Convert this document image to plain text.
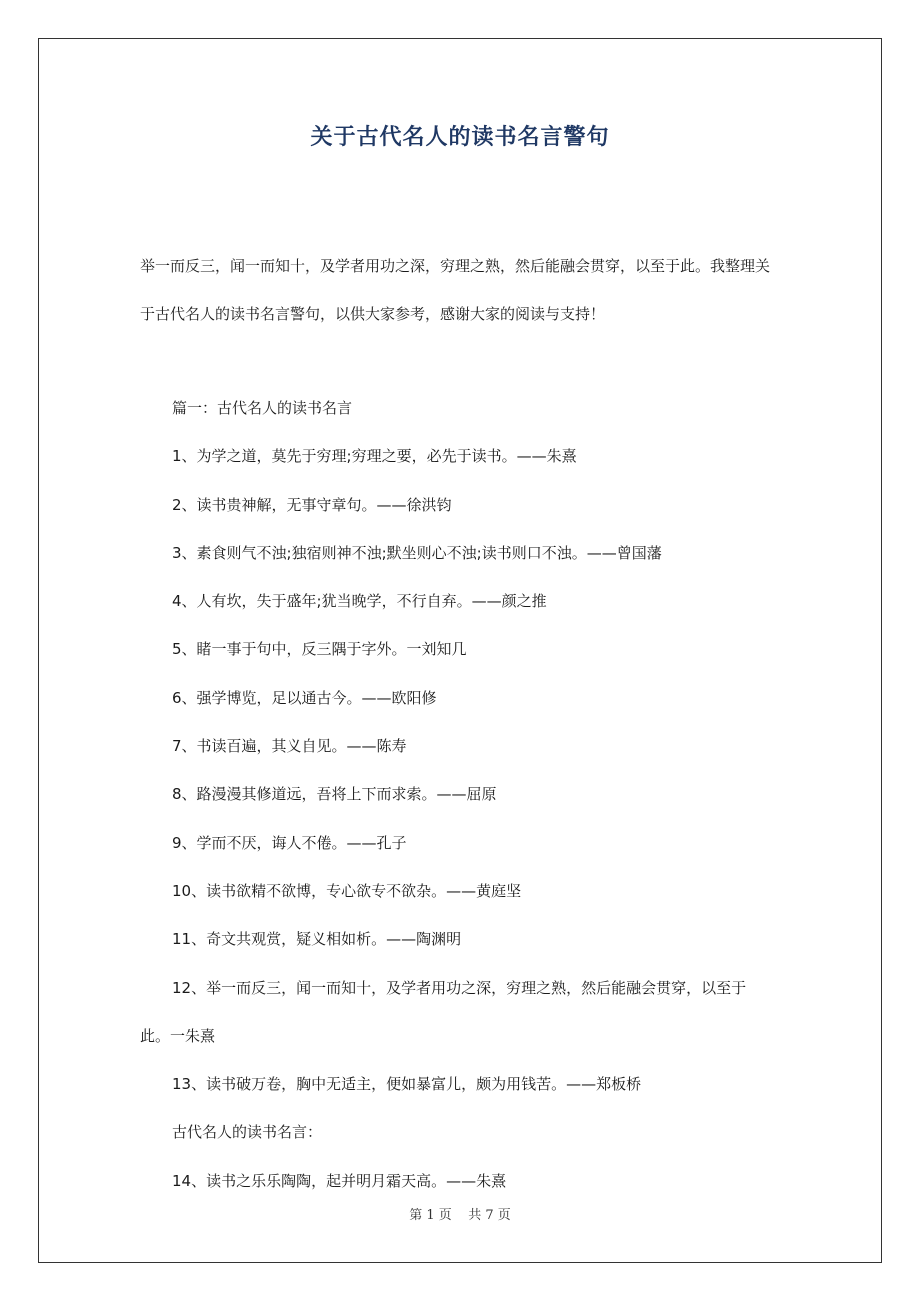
关于古代名人的读书名言警句
举一而反三，闻一而知十，及学者用功之深，穷理之熟，然后能融会贯穿，以至于此。我整理关
于古代名人的读书名言警句，以供大家参考，感谢大家的阅读与支持！
篇一：古代名人的读书名言
1、为学之道，莫先于穷理;穷理之要，必先于读书。——朱熹
2、读书贵神解，无事守章句。——徐洪钧
3、素食则气不浊;独宿则神不浊;默坐则心不浊;读书则口不浊。——曾国藩
4、人有坎，失于盛年;犹当晚学，不行自弃。——颜之推
5、睹一事于句中，反三隅于字外。一刘知几
6、强学博览，足以通古今。——欧阳修
7、书读百遍，其义自见。——陈寿
8、路漫漫其修道远，吾将上下而求索。——屈原
9、学而不厌，诲人不倦。——孔子
10、读书欲精不欲博，专心欲专不欲杂。——黄庭坚
11、奇文共观赏，疑义相如析。——陶渊明
12、举一而反三，闻一而知十，及学者用功之深，穷理之熟，然后能融会贯穿，以至于
此。一朱熹
13、读书破万卷，胸中无适主，便如暴富儿，颇为用钱苦。——郑板桥
古代名人的读书名言：
14、读书之乐乐陶陶，起并明月霜天高。——朱熹
第 1 页 共 7 页
